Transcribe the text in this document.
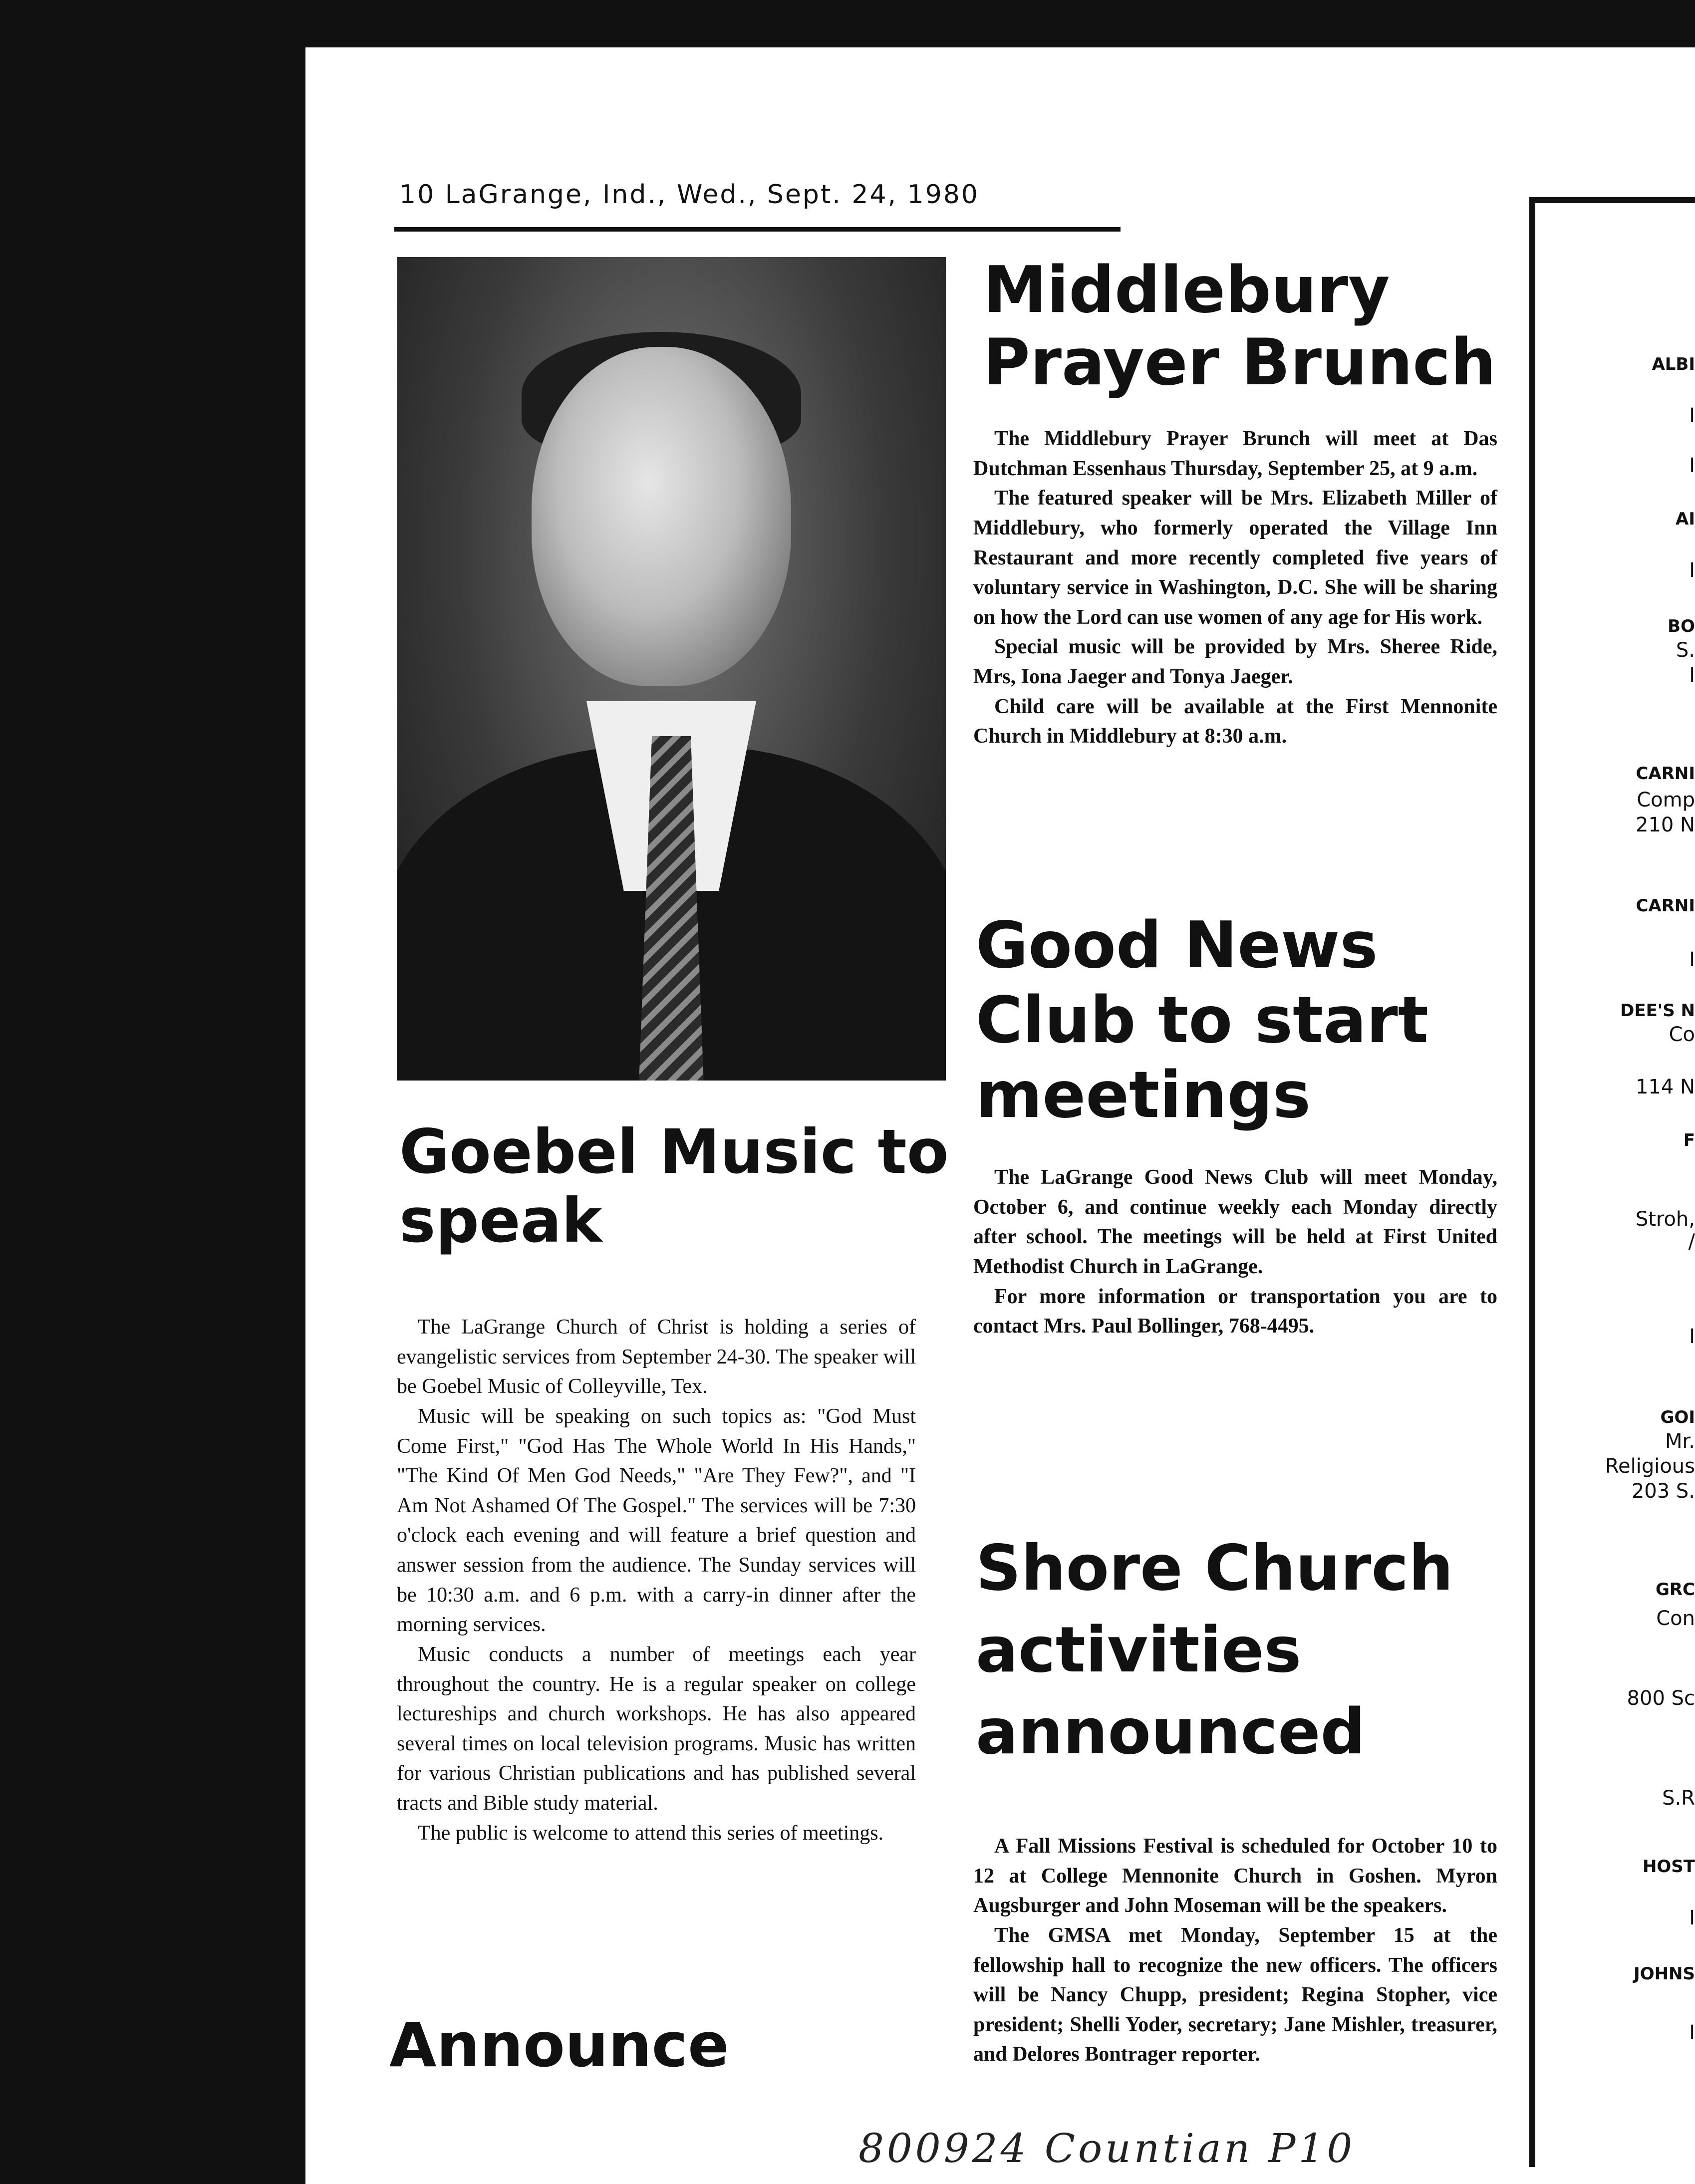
10 LaGrange, Ind., Wed., Sept. 24, 1980
Goebel Music to speak

The LaGrange Church of Christ is holding a series of evangelistic services from September 24-30. The speaker will be Goebel Music of Colleyville, Tex.

Music will be speaking on such topics as: "God Must Come First," "God Has The Whole World In His Hands," "The Kind Of Men God Needs," "Are They Few?", and "I Am Not Ashamed Of The Gospel." The services will be 7:30 o'clock each evening and will feature a brief question and answer session from the audience. The Sunday services will be 10:30 a.m. and 6 p.m. with a carry-in dinner after the morning services.

Music conducts a number of meetings each year throughout the country. He is a regular speaker on college lectureships and church workshops. He has also appeared several times on local television programs. Music has written for various Christian publications and has published several tracts and Bible study material.

The public is welcome to attend this series of meetings.

Announce
Middlebury Prayer Brunch

The Middlebury Prayer Brunch will meet at Das Dutchman Essenhaus Thursday, September 25, at 9 a.m.

The featured speaker will be Mrs. Elizabeth Miller of Middlebury, who formerly operated the Village Inn Restaurant and more recently completed five years of voluntary service in Washington, D.C. She will be sharing on how the Lord can use women of any age for His work.

Special music will be provided by Mrs. Sheree Ride, Mrs, Iona Jaeger and Tonya Jaeger.

Child care will be available at the First Mennonite Church in Middlebury at 8:30 a.m.

Good News Club to start meetings

The LaGrange Good News Club will meet Monday, October 6, and continue weekly each Monday directly after school. The meetings will be held at First United Methodist Church in LaGrange.

For more information or transportation you are to contact Mrs. Paul Bollinger, 768-4495.

Shore Church activities announced

A Fall Missions Festival is scheduled for October 10 to 12 at College Mennonite Church in Goshen. Myron Augsburger and John Moseman will be the speakers.

The GMSA met Monday, September 15 at the fellowship hall to recognize the new officers. The officers will be Nancy Chupp, president; Regina Stopher, vice president; Shelli Yoder, secretary; Jane Mishler, treasurer, and Delores Bontrager reporter.

ALBI
I
I
AI
I
BO
S.
I
CARNI
Comp
210 N
CARNI
I
DEE'S N
Co
114 N
F
Stroh,
/
I
GOI
Mr.
Religious
203 S.
GRC
Con
800 Sc
S.R
HOST
I
JOHNS
I
800924 Countian P10
